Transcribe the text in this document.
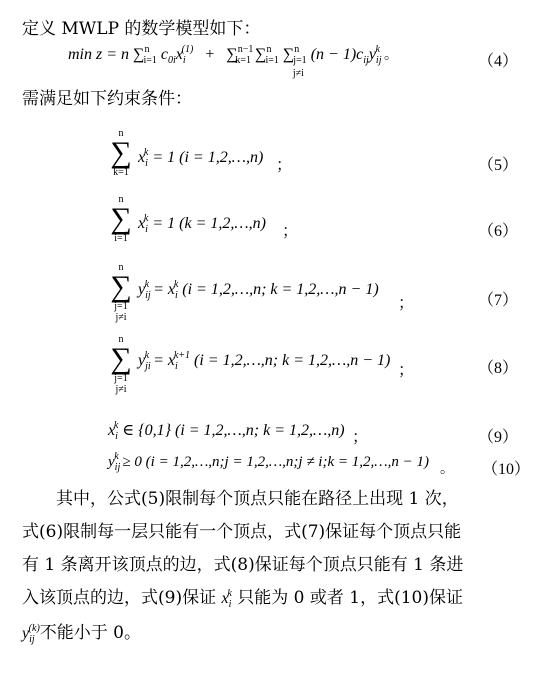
定义 MWLP 的数学模型如下：
min z = n ∑$^n_{i=1}$ $c_{0i}x_i^{(1)} + \sum^{n-1}_{k=1}$ ∑$^n_{i=1}$ ∑$^n_{j=1}$
j≠i
$(n - 1)c_{ij}y_{ij}^k$ 。	（4）
需满足如下约束条件：
n
∑
k=1
$x_i^k = 1$ (i = 1,2,…,n) ；	（5）
n
∑
i=1
$x_i^k = 1$ (k = 1,2,…,n) ；	（6）
n
∑
j=1
j≠i
$y_{ij}^k = x_i^k$ (i = 1,2,…,n; k = 1,2,…,n − 1)
；	（7）
n
∑
j=1
j≠i
$y_{ji}^k = x_i^{k+1}$ (i = 1,2,…,n; k = 1,2,…,n − 1) ；	（8）
$x_i^k$ ∈ {0,1} (i = 1,2,…,n; k = 1,2,…,n) ；	（9）
$y_{ij}^k \ge 0$ (i = 1,2,…,n;j = 1,2,…,n;j ≠ i;k = 1,2,…,n − 1) 。 （10）
其中，公式(5)限制每个顶点只能在路径上出现 1 次，
式(6)限制每一层只能有一个顶点，式(7)保证每个顶点只能
有 1 条离开该顶点的边，式(8)保证每个顶点只能有 1 条进
入该顶点的边，式(9)保证 $x_i^k$ 只能为 0 或者 1，式(10)保证
$y_{ij}^{(k)}$不能小于 0。
